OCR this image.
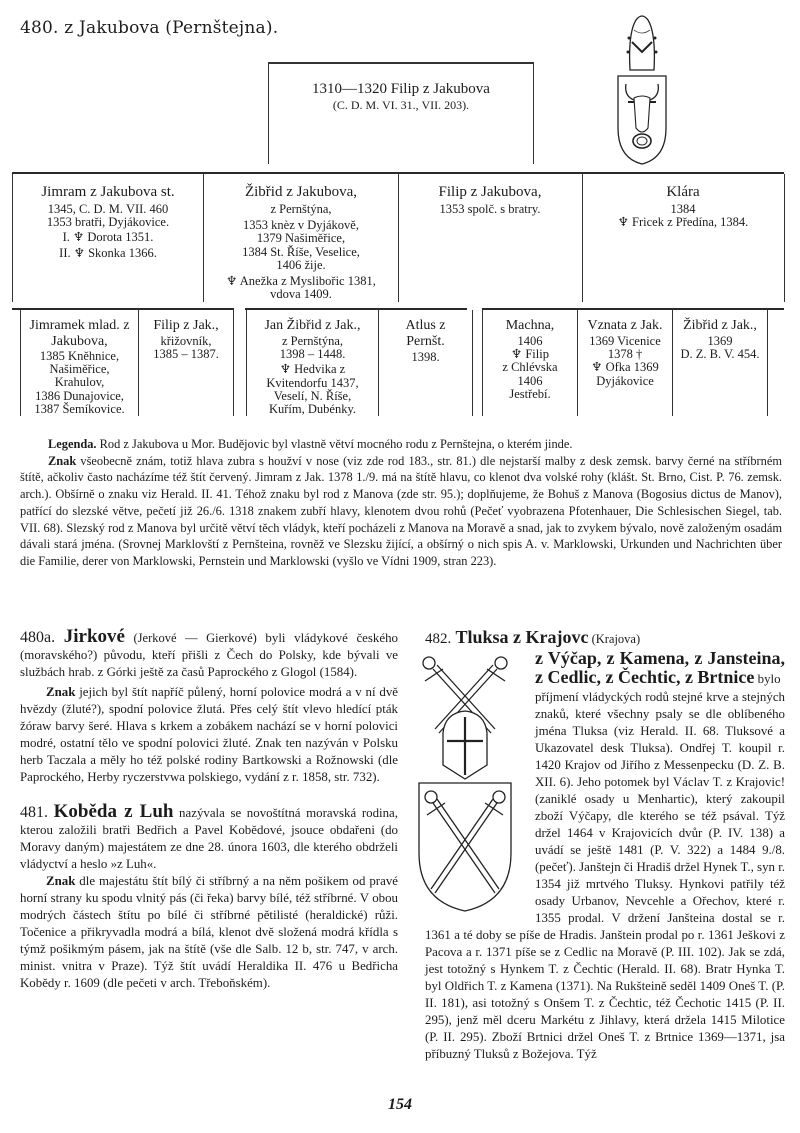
480. z Jakubova (Pernštejna).
1310—1320 Filip z Jakubova
(C. D. M. VI. 31., VII. 203).
Jimram z Jakubova st.
1345, C. D. M. VII. 460
1353 bratři, Dyjákovice.
I. ♆ Dorota 1351.
II. ♆ Skonka 1366.
Žibřid z Jakubova,
z Pernštýna,
1353 knèz v Dyjákově,
1379 Našiměřice,
1384 St. Říše, Veselice,
1406 žije.
♆ Anežka z Myslibořic 1381,
vdova 1409.
Filip z Jakubova,
1353 spolč. s bratry.
Klára
1384
♆ Fricek z Předína, 1384.
Jimramek mlad. z Jakubova,
1385 Kněhnice,
Našiměřice,
Krahulov,
1386 Dunajovice,
1387 Šemíkovice.
Filip z Jak.,
křižovník,
1385 – 1387.
Jan Žibřid z Jak.,
z Pernštýna,
1398 – 1448.
♆ Hedvika z Kvitendorfu 1437,
Veselí, N. Říše,
Kuřím, Dubénky.
Atlus z Pernšt.
1398.
Machna,
1406
♆ Filip
z Chlévska
1406
Jestřebí.
Vznata z Jak.
1369 Vicenice
1378 †
♆ Ofka 1369
Dyjákovice
Žibřid z Jak.,
1369
D. Z. B. V. 454.

Legenda. Rod z Jakubova u Mor. Budějovic byl vlastně větví mocného rodu z Pernštejna, o kterém jinde.

Znak všeobecně znám, totiž hlava zubra s houžví v nose (viz zde rod 183., str. 81.) dle nejstarší malby z desk zemsk. barvy černé na stříbrném štítě, ačkoliv často nacházíme též štít červený. Jimram z Jak. 1378 1./9. má na štítě hlavu, co klenot dva volské rohy (klášt. St. Brno, Cist. P. 76. zemsk. arch.). Obšírně o znaku viz Herald. II. 41. Téhož znaku byl rod z Manova (zde str. 95.); doplňujeme, že Bohuš z Manova (Bogosius dictus de Manov), patřící do slezské větve, pečetí již 26./6. 1318 znakem zubří hlavy, klenotem dvou rohů (Pečeť vyobrazena Pfotenhauer, Die Schlesischen Siegel, tab. VII. 68). Slezský rod z Manova byl určitě větví těch vládyk, kteří pocházeli z Manova na Moravě a snad, jak to zvykem bývalo, nově založeným osadám dávali stará jména. (Srovnej Marklovští z Pernšteina, rovněž ve Slezsku žijící, a obšírný o nich spis A. v. Marklowski, Urkunden und Nachrichten über die Familie, derer von Marklowski, Pernstein und Marklowski (vyšlo ve Vídni 1909, stran 223).

480a. Jirkové (Jerkové — Gierkové) byli vládykové českého (moravského?) původu, kteří přišli z Čech do Polsky, kde bývali ve službách hrab. z Górki ještě za časů Paprockého z Glogol (1584).

Znak jejich byl štít napříč půlený, horní polovice modrá a v ní dvě hvězdy (žluté?), spodní polovice žlutá. Přes celý štít vlevo hledící pták žóraw barvy šeré. Hlava s krkem a zobákem nachází se v horní polovici modré, ostatní tělo ve spodní polovici žluté. Znak ten nazýván v Polsku herb Taczala a měly ho též polské rodiny Bartkowski a Rožnowski (dle Paprockého, Herby ryczerstvwa polskiego, vydání z r. 1858, str. 732).

481. Koběda z Luh nazývala se novoštítná moravská rodina, kterou založili bratři Bedřich a Pavel Kobědové, jsouce obdařeni (do Moravy daným) majestátem ze dne 28. února 1603, dle kterého obdrželi vládyctví a heslo »z Luh«.

Znak dle majestátu štít bílý či stříbrný a na něm pošikem od pravé horní strany ku spodu vlnitý pás (či řeka) barvy bílé, též stříbrné. V obou modrých částech štítu po bílé či stříbrné pětilisté (heraldické) růži. Točenice a přikryvadla modrá a bílá, klenot dvě složená modrá křídla s týmž pošikmým pásem, jak na štítě (vše dle Salb. 12 b, str. 747, v arch. minist. vnitra v Praze). Týž štít uvádí Heraldika II. 476 u Bedřicha Kobědy r. 1609 (dle pečeti v arch. Třeboňském).

482. Tluksa z Krajovc (Krajova)
z Výčap, z Kamena, z Jansteina, z Cedlic, z Čechtic, z Brtnice bylo
příjmení vládyckých rodů stejné krve a stejných znaků, které všechny psaly se dle oblíbeného jména Tluksa (viz Herald. II. 68. Tluksové a Ukazovatel desk Tluksa). Ondřej T. koupil r. 1420 Krajov od Jiřího z Messenpecku (D. Z. B. XII. 6). Jeho potomek byl Václav T. z Krajovic! (zaniklé osady u Menhartic), který zakoupil zboží Výčapy, dle kterého se též psával. Týž držel 1464 v Krajovicích dvůr (P. IV. 138) a uvádí se ještě 1481 (P. V. 322) a 1484 9./8. (pečeť). Janštejn či Hradiš držel Hynek T., syn r. 1354 již mrtvého Tluksy. Hynkovi patřily též osady Urbanov, Nevcehle a Ořechov, které r. 1355 prodal. V držení Janšteina dostal se r. 1361 a té doby se píše de Hradis. Janštein prodal po r. 1361 Ješkovi z Pacova a r. 1371 píše se z Cedlic na Moravě (P. III. 102). Jak se zdá, jest totožný s Hynkem T. z Čechtic (Herald. II. 68). Bratr Hynka T. byl Oldřich T. z Kamena (1371). Na Rukšteině seděl 1409 Oneš T. (P. II. 181), asi totožný s Onšem T. z Čechtic, též Čechotic 1415 (P. II. 295), jenž měl dceru Markétu z Jihlavy, která držela 1415 Milotice (P. II. 295). Zboží Brtnici držel Oneš T. z Brtnice 1369—1371, jsa příbuzný Tluksů z Božejova. Týž
154
